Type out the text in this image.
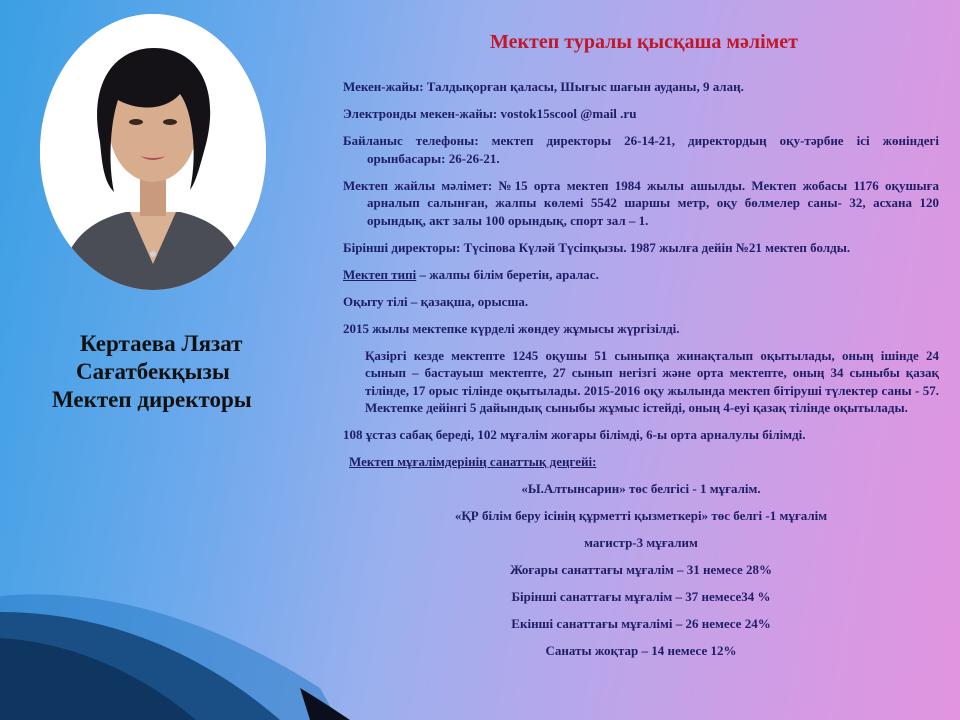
Кертаева Лязат
Сағатбекқызы
Мектеп директоры
Мектеп туралы қысқаша мәлімет
Мекен-жайы: Талдықорған қаласы, Шығыс шағын ауданы, 9 алаң.
Электронды мекен-жайы: vostok15scool @mail .ru
Байланыс телефоны: мектеп директоры 26-14-21, директордың оқу-тәрбие ісі жөніндегі орынбасары: 26-26-21.
Мектеп жайлы мәлімет: №15 орта мектеп 1984 жылы ашылды. Мектеп жобасы 1176 оқушыға арналып салынған, жалпы көлемі 5542 шаршы метр, оқу бөлмелер саны- 32, асхана 120 орындық, акт залы 100 орындық, спорт зал – 1.
Бірінші директоры: Түсіпова Күләй Түсіпқызы. 1987 жылға дейін №21 мектеп болды.
Мектеп типі – жалпы білім беретін, аралас.
Оқыту тілі – қазақша, орысша.
2015 жылы мектепке күрделі жөндеу жұмысы жүргізілді.
Қазіргі кезде мектепте 1245 оқушы 51 сыныпқа жинақталып оқытылады, оның ішінде 24 сынып – бастауыш мектепте, 27 сынып негізгі және орта мектепте, оның 34 сыныбы қазақ тілінде, 17 орыс тілінде оқытылады. 2015-2016 оқу жылында мектеп бітіруші түлектер саны - 57. Мектепке дейінгі 5 дайындық сыныбы жұмыс істейді, оның 4-еуі қазақ тілінде оқытылады.
108 ұстаз сабақ береді, 102 мұғалім жоғары білімді, 6-ы орта арналулы білімді.
Мектеп мұғалімдерінің санаттық деңгейі:
«Ы.Алтынсарин» төс белгісі - 1 мұғалім.
«ҚР білім беру ісінің құрметті қызметкері» төс белгі -1 мұғалім
магистр-3 мұғалим
Жоғары санаттағы мұғалім – 31 немесе 28%
Бірінші санаттағы мұғалім – 37 немесе34 %
Екінші санаттағы мұғалімі – 26 немесе 24%
Санаты жоқтар – 14 немесе 12%
